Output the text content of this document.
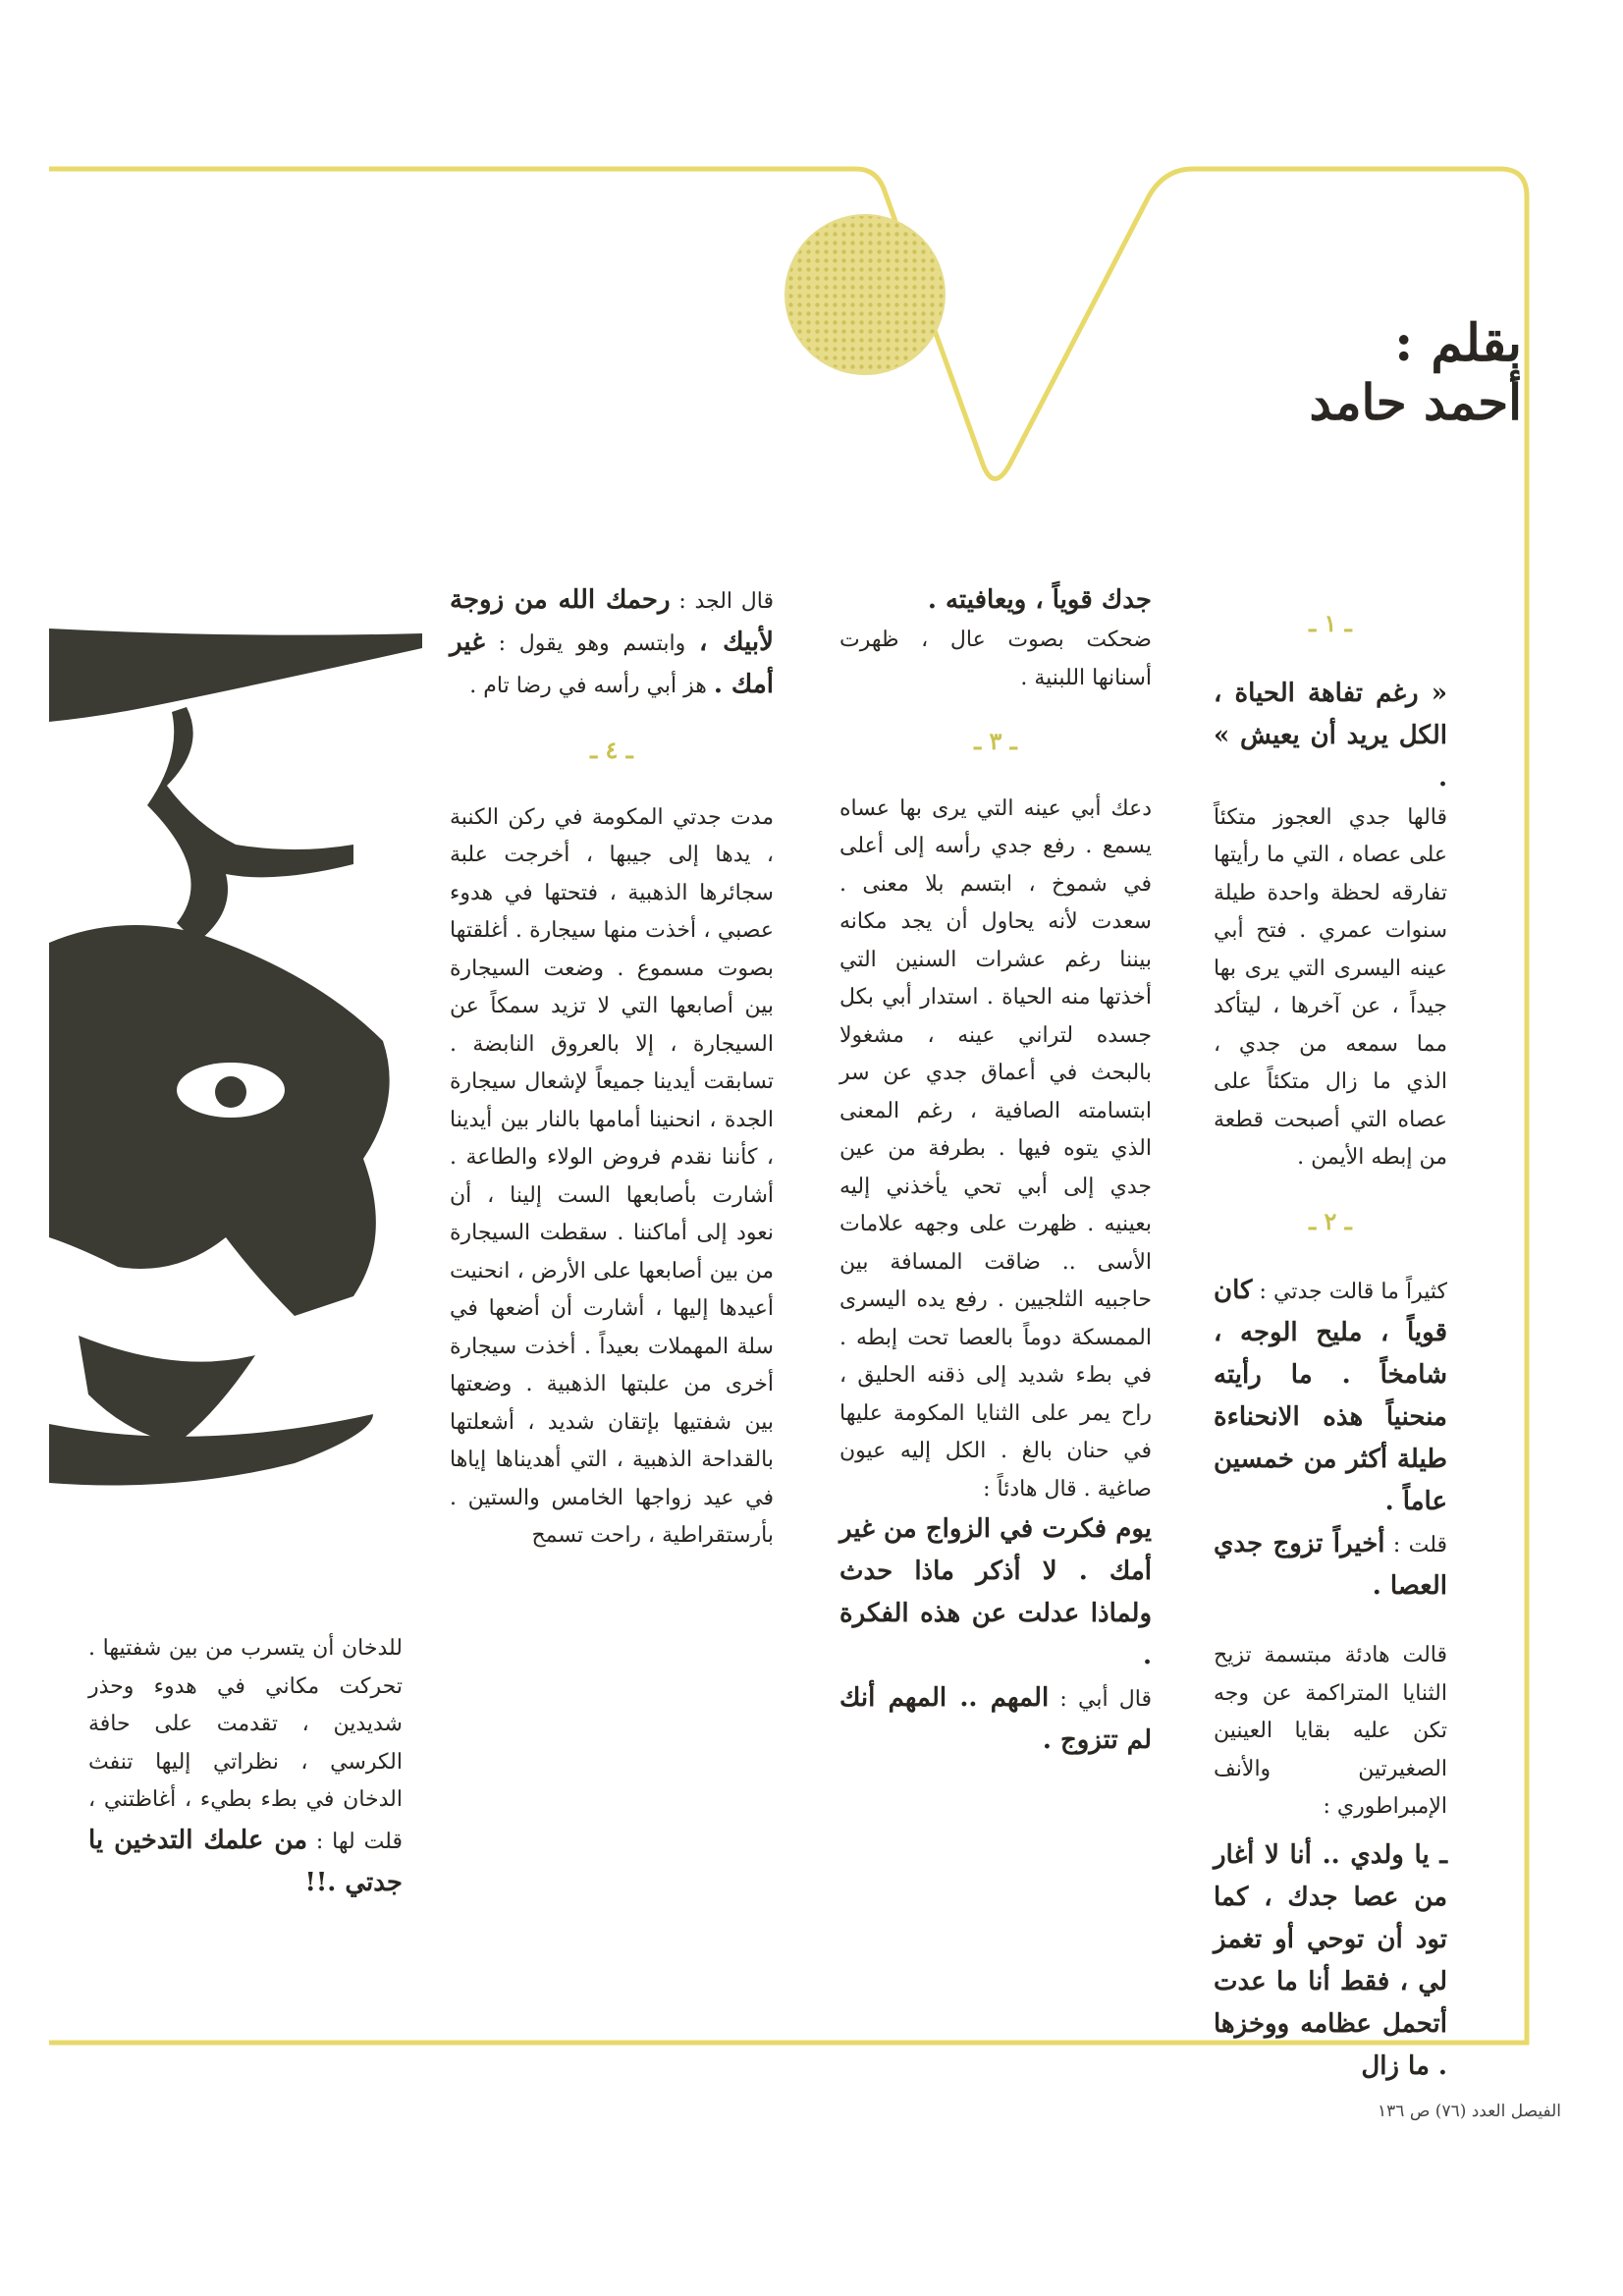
بقلم :
أحمد حامد
ـ ١ ـ

« رغم تفاهة الحياة ، الكل يريد أن يعيش » .

قالها جدي العجوز متكئاً على عصاه ، التي ما رأيتها تفارقه لحظة واحدة طيلة سنوات عمري . فتح أبي عينه اليسرى التي يرى بها جيداً ، عن آخرها ، ليتأكد مما سمعه من جدي ، الذي ما زال متكئاً على عصاه التي أصبحت قطعة من إبطه الأيمن .

ـ ٢ ـ

كثيراً ما قالت جدتي : كان قوياً ، مليح الوجه ، شامخاً . ما رأيته منحنياً هذه الانحناءة طيلة أكثر من خمسين عاماً .

قلت : أخيراً تزوج جدي العصا .

قالت هادئة مبتسمة تزيح الثنايا المتراكمة عن وجه تكن عليه بقايا العينين الصغيرتين والأنف الإمبراطوري :

ـ يا ولدي .. أنا لا أغار من عصا جدك ، كما تود أن توحي أو تغمز لي ، فقط أنا ما عدت أتحمل عظامه ووخزها . ما زال

جدك قوياً ، ويعافيته .

ضحكت بصوت عال ، ظهرت أسنانها اللبنية .

ـ ٣ ـ

دعك أبي عينه التي يرى بها عساه يسمع . رفع جدي رأسه إلى أعلى في شموخ ، ابتسم بلا معنى . سعدت لأنه يحاول أن يجد مكانه بيننا رغم عشرات السنين التي أخذتها منه الحياة . استدار أبي بكل جسده لتراني عينه ، مشغولا بالبحث في أعماق جدي عن سر ابتسامته الصافية ، رغم المعنى الذي يتوه فيها . بطرفة من عين جدي إلى أبي تحي يأخذني إليه بعينيه . ظهرت على وجهه علامات الأسى .. ضاقت المسافة بين حاجبيه الثلجيين . رفع يده اليسرى الممسكة دوماً بالعصا تحت إبطه . في بطء شديد إلى ذقنه الحليق ، راح يمر على الثنايا المكومة عليها في حنان بالغ . الكل إليه عيون صاغية . قال هادئاً :

يوم فكرت في الزواج من غير أمك . لا أذكر ماذا حدث ولماذا عدلت عن هذه الفكرة .

قال أبي : المهم .. المهم أنك لم تتزوج .

قال الجد : رحمك الله من زوجة لأبيك ، وابتسم وهو يقول : غير أمك . هز أبي رأسه في رضا تام .

ـ ٤ ـ

مدت جدتي المكومة في ركن الكنبة ، يدها إلى جيبها ، أخرجت علبة سجائرها الذهبية ، فتحتها في هدوء عصبي ، أخذت منها سيجارة . أغلقتها بصوت مسموع . وضعت السيجارة بين أصابعها التي لا تزيد سمكاً عن السيجارة ، إلا بالعروق النابضة . تسابقت أيدينا جميعاً لإشعال سيجارة الجدة ، انحنينا أمامها بالنار بين أيدينا ، كأننا نقدم فروض الولاء والطاعة . أشارت بأصابعها الست إلينا ، أن نعود إلى أماكننا . سقطت السيجارة من بين أصابعها على الأرض ، انحنيت أعيدها إليها ، أشارت أن أضعها في سلة المهملات بعيداً . أخذت سيجارة أخرى من علبتها الذهبية . وضعتها بين شفتيها بإتقان شديد ، أشعلتها بالقداحة الذهبية ، التي أهديناها إياها في عيد زواجها الخامس والستين . بأرستقراطية ، راحت تسمح

للدخان أن يتسرب من بين شفتيها . تحركت مكاني في هدوء وحذر شديدين ، تقدمت على حافة الكرسي ، نظراتي إليها تنفث الدخان في بطء بطيء ، أغاظتني ، قلت لها : من علمك التدخين يا جدتي .!!

الفيصل العدد (٧٦) ص ١٣٦
